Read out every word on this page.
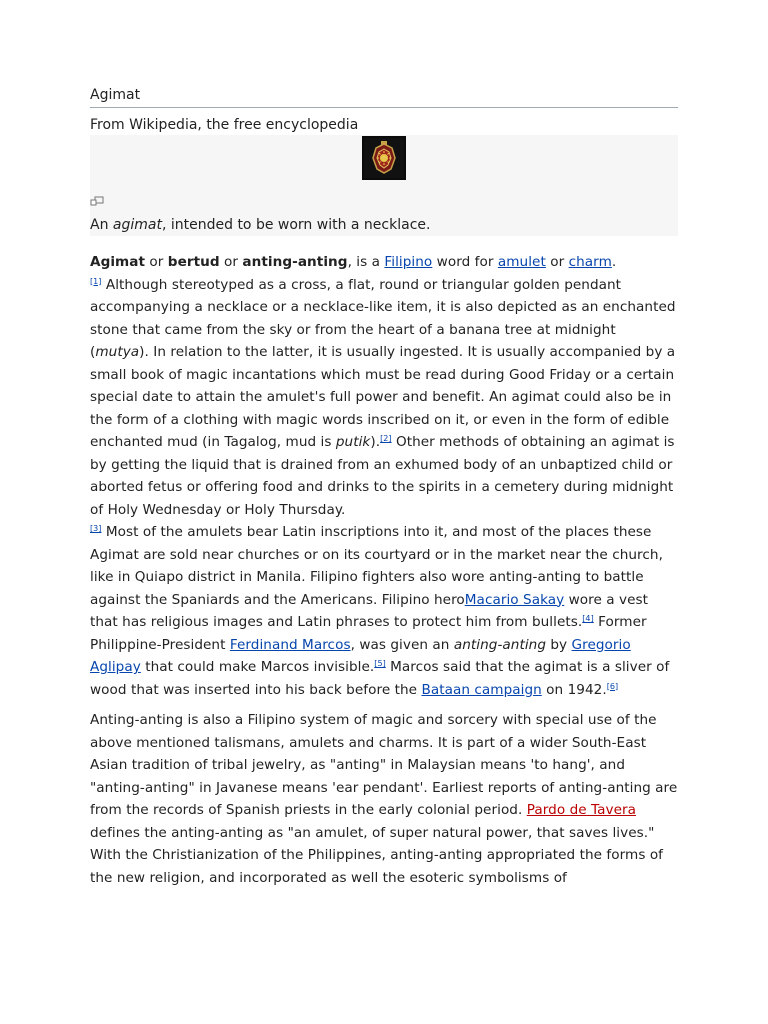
Agimat
From Wikipedia, the free encyclopedia
An agimat, intended to be worn with a necklace.

Agimat or bertud or anting-anting, is a Filipino word for amulet or charm.
[1] Although stereotyped as a cross, a flat, round or triangular golden pendant accompanying a necklace or a necklace-like item, it is also depicted as an enchanted stone that came from the sky or from the heart of a banana tree at midnight (mutya). In relation to the latter, it is usually ingested. It is usually accompanied by a small book of magic incantations which must be read during Good Friday or a certain special date to attain the amulet's full power and benefit. An agimat could also be in the form of a clothing with magic words inscribed on it, or even in the form of edible enchanted mud (in Tagalog, mud is putik).[2] Other methods of obtaining an agimat is by getting the liquid that is drained from an exhumed body of an unbaptized child or aborted fetus or offering food and drinks to the spirits in a cemetery during midnight of Holy Wednesday or Holy Thursday.
[3] Most of the amulets bear Latin inscriptions into it, and most of the places these Agimat are sold near churches or on its courtyard or in the market near the church, like in Quiapo district in Manila. Filipino fighters also wore anting-anting to battle against the Spaniards and the Americans. Filipino heroMacario Sakay wore a vest that has religious images and Latin phrases to protect him from bullets.[4] Former Philippine-President Ferdinand Marcos, was given an anting-anting by Gregorio Aglipay that could make Marcos invisible.[5] Marcos said that the agimat is a sliver of wood that was inserted into his back before the Bataan campaign on 1942.[6]

Anting-anting is also a Filipino system of magic and sorcery with special use of the above mentioned talismans, amulets and charms. It is part of a wider South-East Asian tradition of tribal jewelry, as "anting" in Malaysian means 'to hang', and "anting-anting" in Javanese means 'ear pendant'. Earliest reports of anting-anting are from the records of Spanish priests in the early colonial period. Pardo de Tavera defines the anting-anting as "an amulet, of super natural power, that saves lives." With the Christianization of the Philippines, anting-anting appropriated the forms of the new religion, and incorporated as well the esoteric symbolisms of
